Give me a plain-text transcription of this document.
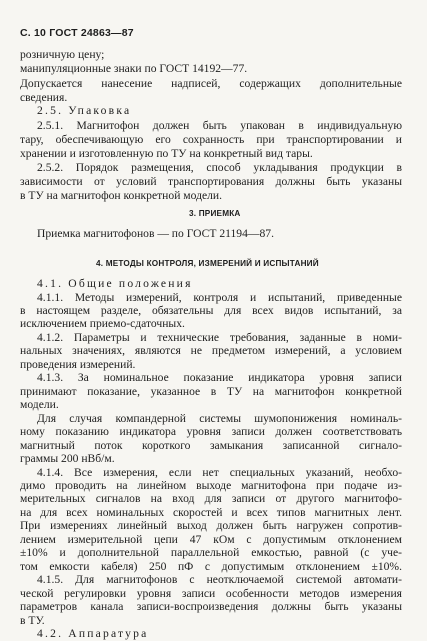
С. 10 ГОСТ 24863—87
розничную цену;
манипуляционные знаки по ГОСТ 14192—77.
Допускается нанесение надписей, содержащих дополнительные
сведения.
2.5. Упаковка
2.5.1. Магнитофон должен быть упакован в индивидуальную
тару, обеспечивающую его сохранность при транспортировании и
хранении и изготовленную по ТУ на конкретный вид тары.
2.5.2. Порядок размещения, способ укладывания продукции в
зависимости от условий транспортирования должны быть указаны
в ТУ на магнитофон конкретной модели.
3. ПРИЕМКА
Приемка магнитофонов — по ГОСТ 21194—87.
4. МЕТОДЫ КОНТРОЛЯ, ИЗМЕРЕНИЙ И ИСПЫТАНИЙ
4.1. Общие положения
4.1.1. Методы измерений, контроля и испытаний, приведенные
в настоящем разделе, обязательны для всех видов испытаний, за
исключением приемо-сдаточных.
4.1.2. Параметры и технические требования, заданные в номи-
нальных значениях, являются не предметом измерений, а условием
проведения измерений.
4.1.3. За номинальное показание индикатора уровня записи
принимают показание, указанное в ТУ на магнитофон конкретной
модели.
Для случая компандерной системы шумопонижения номиналь-
ному показанию индикатора уровня записи должен соответствовать
магнитный поток короткого замыкания записанной сигнало-
граммы 200 нВб/м.
4.1.4. Все измерения, если нет специальных указаний, необхо-
димо проводить на линейном выходе магнитофона при подаче из-
мерительных сигналов на вход для записи от другого магнитофо-
на для всех номинальных скоростей и всех типов магнитных лент.
При измерениях линейный выход должен быть нагружен сопротив-
лением измерительной цепи 47 кОм с допустимым отклонением
±10% и дополнительной параллельной емкостью, равной (с уче-
том емкости кабеля) 250 пФ с допустимым отклонением ±10%.
4.1.5. Для магнитофонов с неотключаемой системой автомати-
ческой регулировки уровня записи особенности методов измерения
параметров канала записи-воспроизведения должны быть указаны
в ТУ.
4.2. Аппаратура
